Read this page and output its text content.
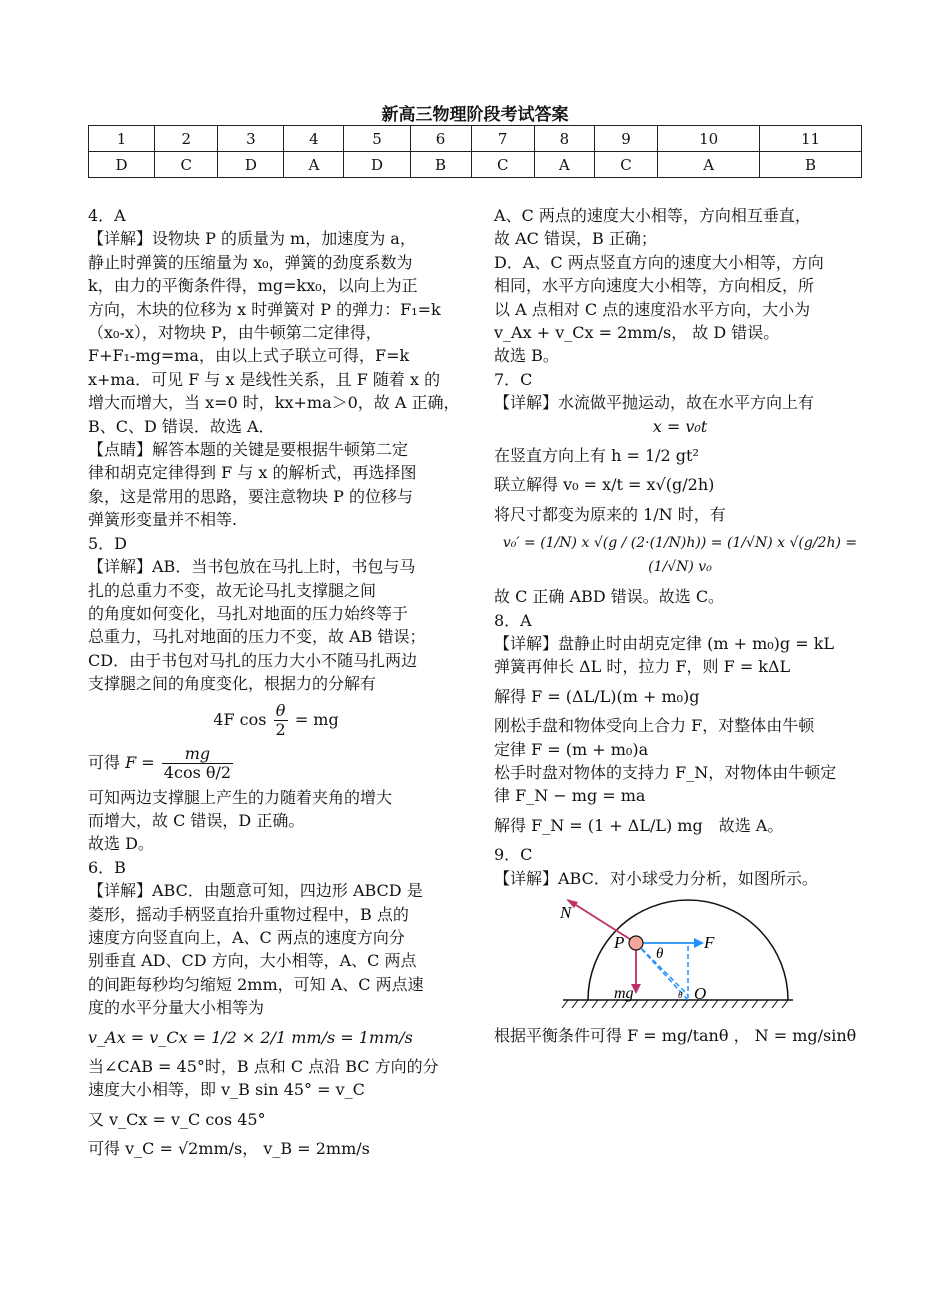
新高三物理阶段考试答案
1	2	3	4	5	6	7	8	9	10	11
D	C	D	A	D	B	C	A	C	A	B

4．A

【详解】设物块 P 的质量为 m，加速度为 a，

静止时弹簧的压缩量为 x₀，弹簧的劲度系数为

k，由力的平衡条件得，mg=kx₀，以向上为正

方向，木块的位移为 x 时弹簧对 P 的弹力：F₁=k

（x₀-x），对物块 P，由牛顿第二定律得，

F+F₁-mg=ma，由以上式子联立可得，F=k

x+ma．可见 F 与 x 是线性关系，且 F 随着 x 的

增大而增大，当 x=0 时，kx+ma＞0，故 A 正确，

B、C、D 错误．故选 A．

【点睛】解答本题的关键是要根据牛顿第二定

律和胡克定律得到 F 与 x 的解析式，再选择图

象，这是常用的思路，要注意物块 P 的位移与

弹簧形变量并不相等.

5．D

【详解】AB．当书包放在马扎上时，书包与马

扎的总重力不变，故无论马扎支撑腿之间

的角度如何变化，马扎对地面的压力始终等于

总重力，马扎对地面的压力不变，故 AB 错误；

CD．由于书包对马扎的压力大小不随马扎两边

支撑腿之间的角度变化，根据力的分解有

4F $\cos \frac{\theta}{2}$ = mg

可得 $F = \frac{mg}{\text{4cos θ/2}}$

可知两边支撑腿上产生的力随着夹角的增大

而增大，故 C 错误，D 正确。

故选 D。

6．B

【详解】ABC．由题意可知，四边形 ABCD 是

菱形，摇动手柄竖直抬升重物过程中，B 点的

速度方向竖直向上，A、C 两点的速度方向分

别垂直 AD、CD 方向，大小相等，A、C 两点

的间距每秒均匀缩短 2mm，可知 A、C 两点速

度的水平分量大小相等为

v_Ax = v_Cx = 1/2 × 2/1 mm/s = 1mm/s

当∠CAB = 45°时，B 点和 C 点沿 BC 方向的分

速度大小相等，即 v_B sin 45° = v_C

又 v_Cx = v_C cos 45°

可得 v_C = √2mm/s， v_B = 2mm/s

A、C 两点的速度大小相等，方向相互垂直，

故 AC 错误，B 正确；

D．A、C 两点竖直方向的速度大小相等，方向

相同，水平方向速度大小相等，方向相反，所

以 A 点相对 C 点的速度沿水平方向，大小为

v_Ax + v_Cx = 2mm/s， 故 D 错误。

故选 B。

7．C

【详解】水流做平抛运动，故在水平方向上有

x = v₀t

在竖直方向上有 h = 1/2 gt²

联立解得 v₀ = x/t = x√(g/2h)

将尺寸都变为原来的 1/N 时，有

v₀′ = (1/N) x √(g / (2·(1/N)h)) = (1/√N) x √(g/2h) = (1/√N) v₀

故 C 正确 ABD 错误。故选 C。

8．A

【详解】盘静止时由胡克定律 (m + m₀)g = kL

弹簧再伸长 ΔL 时，拉力 F，则 F = kΔL

解得 F = (ΔL/L)(m + m₀)g

刚松手盘和物体受向上合力 F，对整体由牛顿

定律 F = (m + m₀)a

松手时盘对物体的支持力 F_N，对物体由牛顿定

律 F_N − mg = ma

解得 F_N = (1 + ΔL/L) mg　故选 A。

9．C

【详解】ABC．对小球受力分析，如图所示。

N
P
θ
F
mg	O
θ

根据平衡条件可得 F = mg/tanθ ， N = mg/sinθ
